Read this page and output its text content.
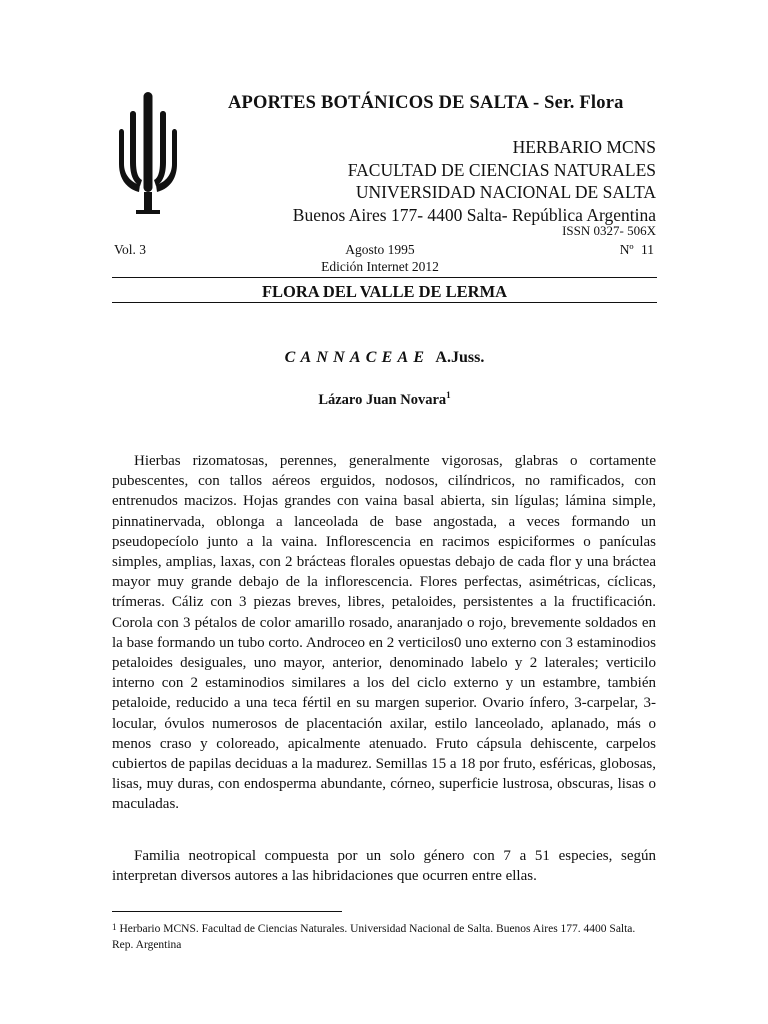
APORTES BOTÁNICOS DE SALTA - Ser. Flora
HERBARIO MCNS
FACULTAD DE CIENCIAS NATURALES
UNIVERSIDAD NACIONAL DE SALTA
Buenos Aires 177- 4400 Salta- República Argentina
ISSN 0327- 506X
Vol. 3	Agosto 1995	Nº 11
Edición Internet 2012
FLORA DEL VALLE DE LERMA
CANNACEAE A.Juss.
Lázaro Juan Novara$^1$

Hierbas rizomatosas, perennes, generalmente vigorosas, glabras o cortamente pubescentes, con tallos aéreos erguidos, nodosos, cilíndricos, no ramificados, con entrenudos macizos. Hojas grandes con vaina basal abierta, sin lígulas; lámina simple, pinnatinervada, oblonga a lanceolada de base angostada, a veces formando un pseudopecíolo junto a la vaina. Inflorescencia en racimos espiciformes o panículas simples, amplias, laxas, con 2 brácteas florales opuestas debajo de cada flor y una bráctea mayor muy grande debajo de la inflorescencia. Flores perfectas, asimétricas, cíclicas, trímeras. Cáliz con 3 piezas breves, libres, petaloides, persistentes a la fructificación. Corola con 3 pétalos de color amarillo rosado, anaranjado o rojo, brevemente soldados en la base formando un tubo corto. Androceo en 2 verticilos0 uno externo con 3 estaminodios petaloides desiguales, uno mayor, anterior, denominado labelo y 2 laterales; verticilo interno con 2 estaminodios similares a los del ciclo externo y un estambre, también petaloide, reducido a una teca fértil en su margen superior. Ovario ínfero, 3-carpelar, 3-locular, óvulos numerosos de placentación axilar, estilo lanceolado, aplanado, más o menos craso y coloreado, apicalmente atenuado. Fruto cápsula dehiscente, carpelos cubiertos de papilas deciduas a la madurez. Semillas 15 a 18 por fruto, esféricas, globosas, lisas, muy duras, con endosperma abundante, córneo, superficie lustrosa, obscuras, lisas o maculadas.

Familia neotropical compuesta por un solo género con 7 a 51 especies, según interpretan diversos autores a las hibridaciones que ocurren entre ellas.

$^1$ Herbario MCNS. Facultad de Ciencias Naturales. Universidad Nacional de Salta. Buenos Aires 177. 4400 Salta. Rep. Argentina
